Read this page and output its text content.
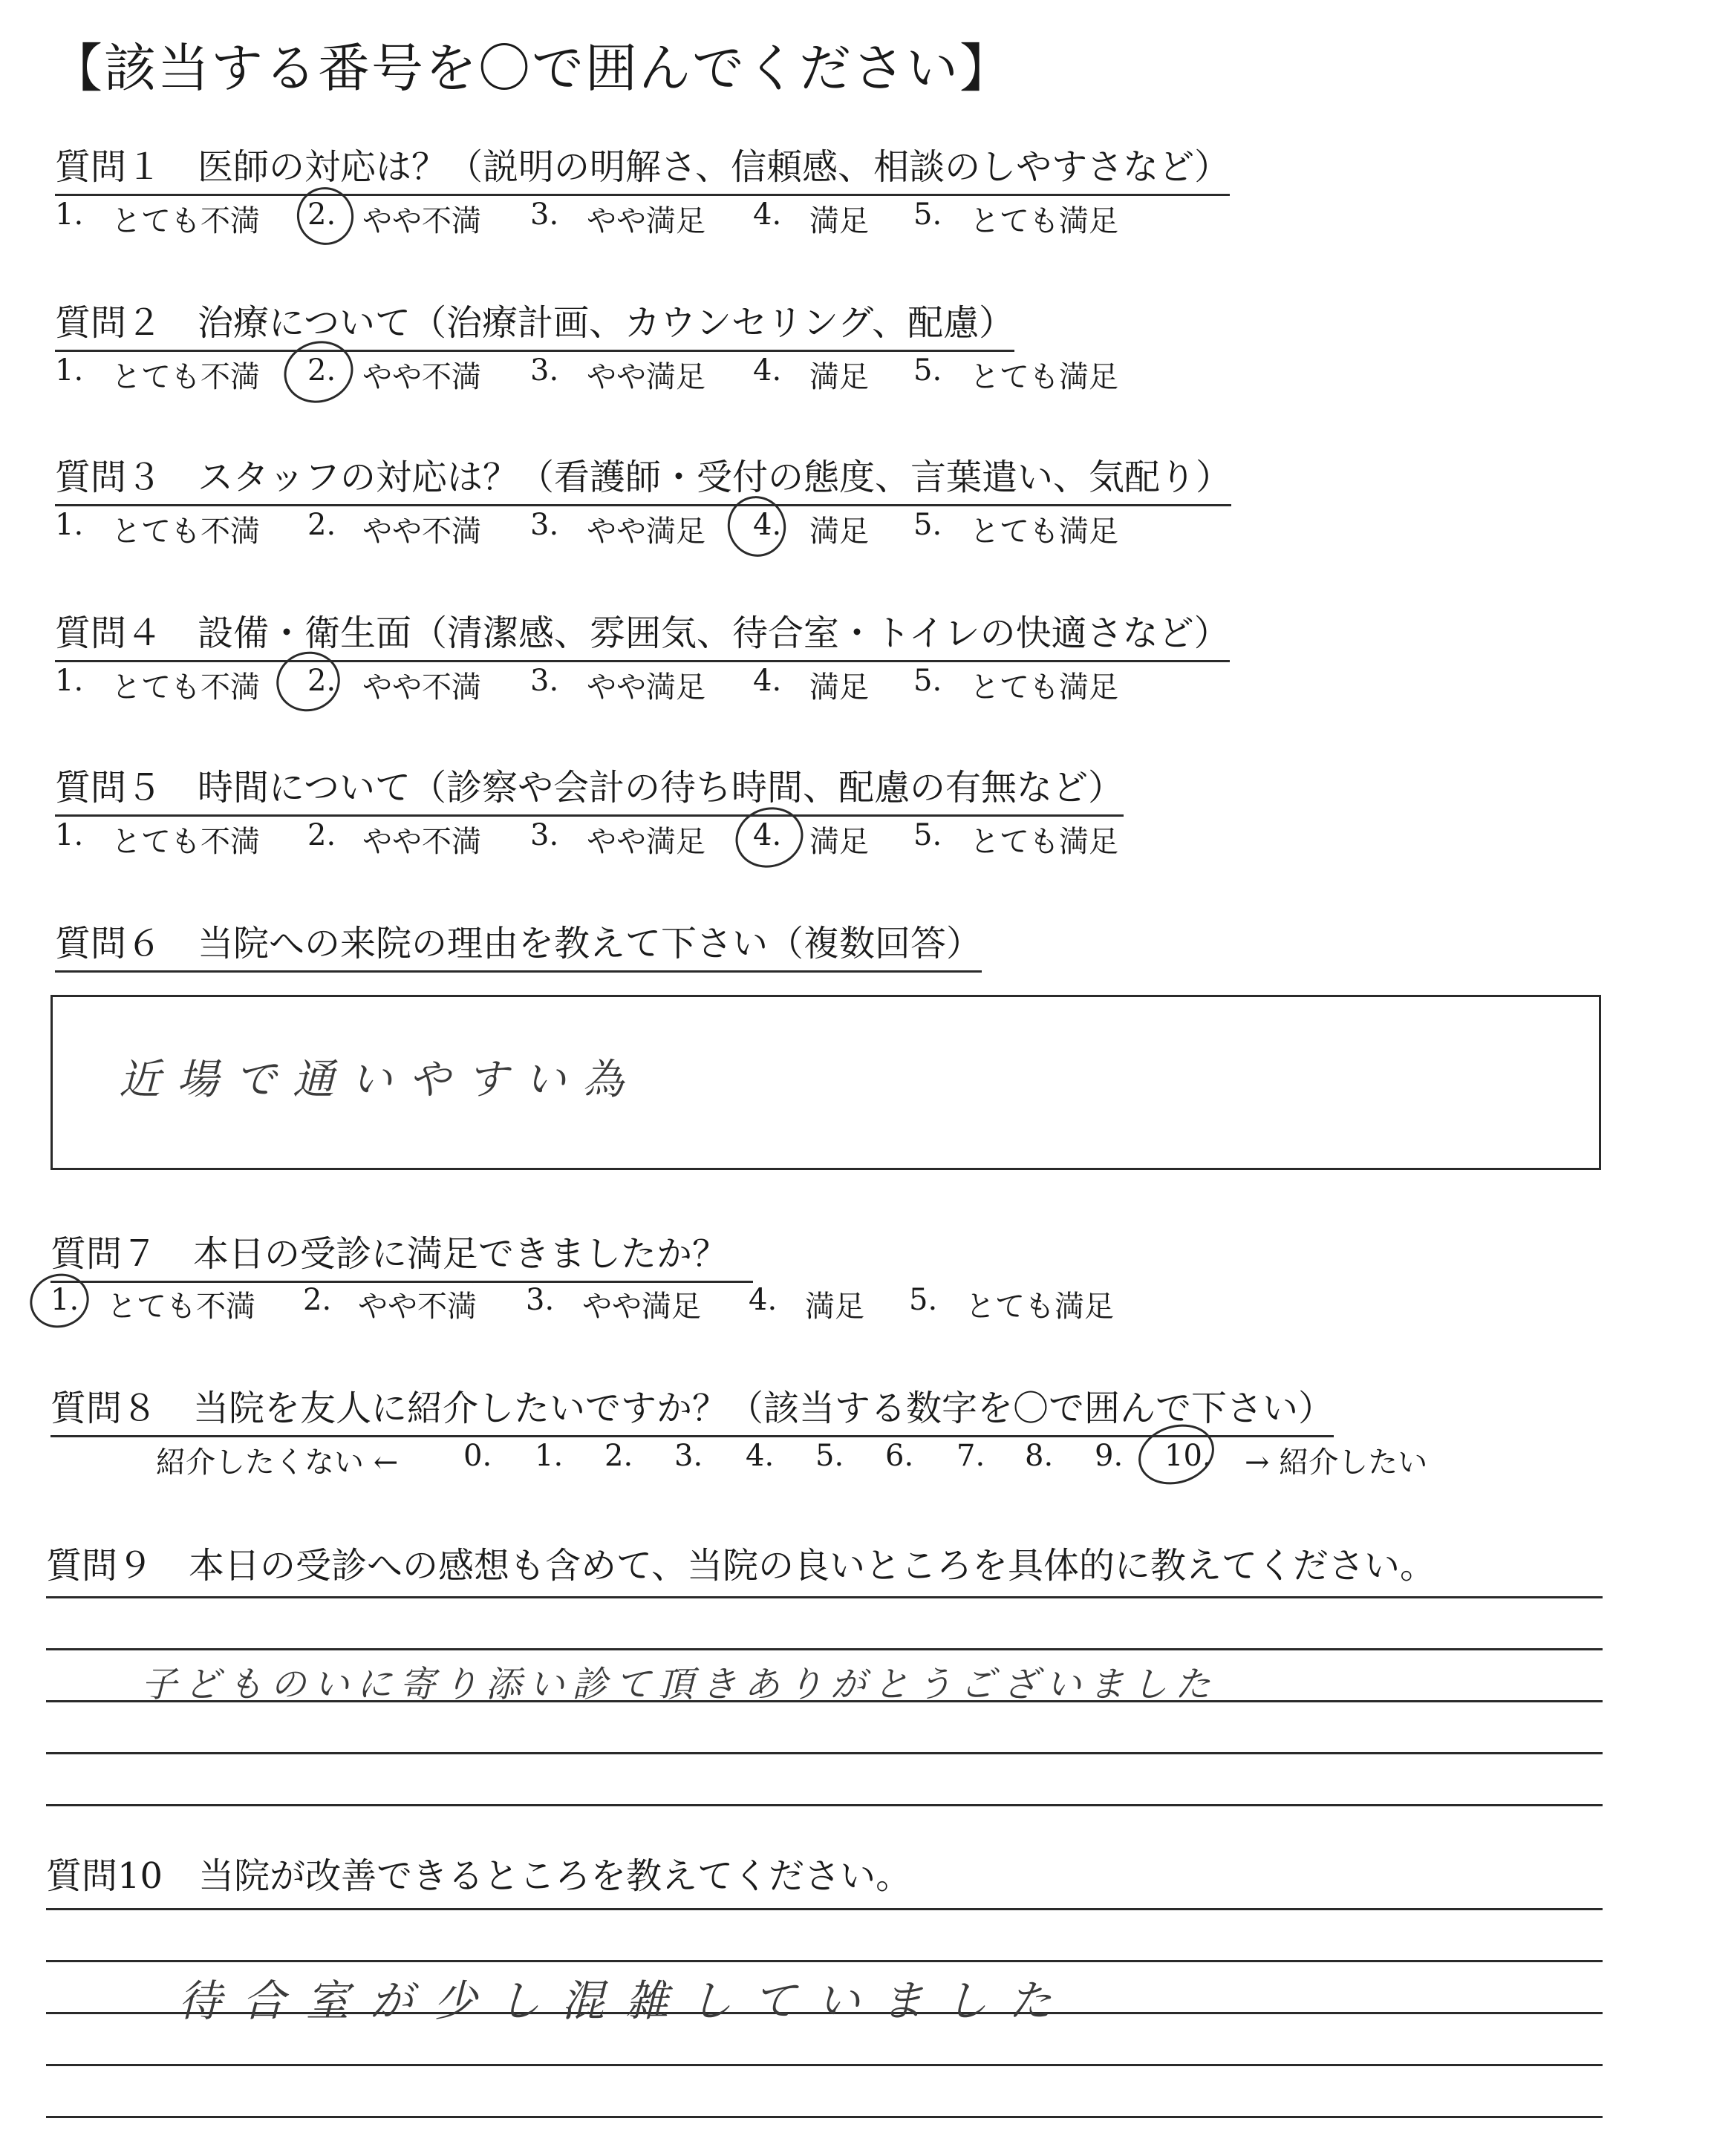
【該当する番号を〇で囲んでください】
質問１　医師の対応は？（説明の明解さ、信頼感、相談のしやすさなど）
1. とても不満 2. やや不満 3. やや満足 4. 満足 5. とても満足
質問２　治療について（治療計画、カウンセリング、配慮）
1. とても不満 2. やや不満 3. やや満足 4. 満足 5. とても満足
質問３　スタッフの対応は？（看護師・受付の態度、言葉遣い、気配り）
1. とても不満 2. やや不満 3. やや満足 4. 満足 5. とても満足
質問４　設備・衛生面（清潔感、雰囲気、待合室・トイレの快適さなど）
1. とても不満 2. やや不満 3. やや満足 4. 満足 5. とても満足
質問５　時間について（診察や会計の待ち時間、配慮の有無など）
1. とても不満 2. やや不満 3. やや満足 4. 満足 5. とても満足
質問６　当院への来院の理由を教えて下さい（複数回答）
近場で通いやすい為
質問７　本日の受診に満足できましたか？
1. とても不満 2. やや不満 3. やや満足 4. 満足 5. とても満足
質問８　当院を友人に紹介したいですか？（該当する数字を〇で囲んで下さい）
紹介したくない ← 0. 1. 2. 3. 4. 5. 6. 7. 8. 9. 10. → 紹介したい
質問９　本日の受診への感想も含めて、当院の良いところを具体的に教えてください。
子どものいに寄り添い診て頂きありがとうございました
質問10　当院が改善できるところを教えてください。
待合室が少し混雑していました
